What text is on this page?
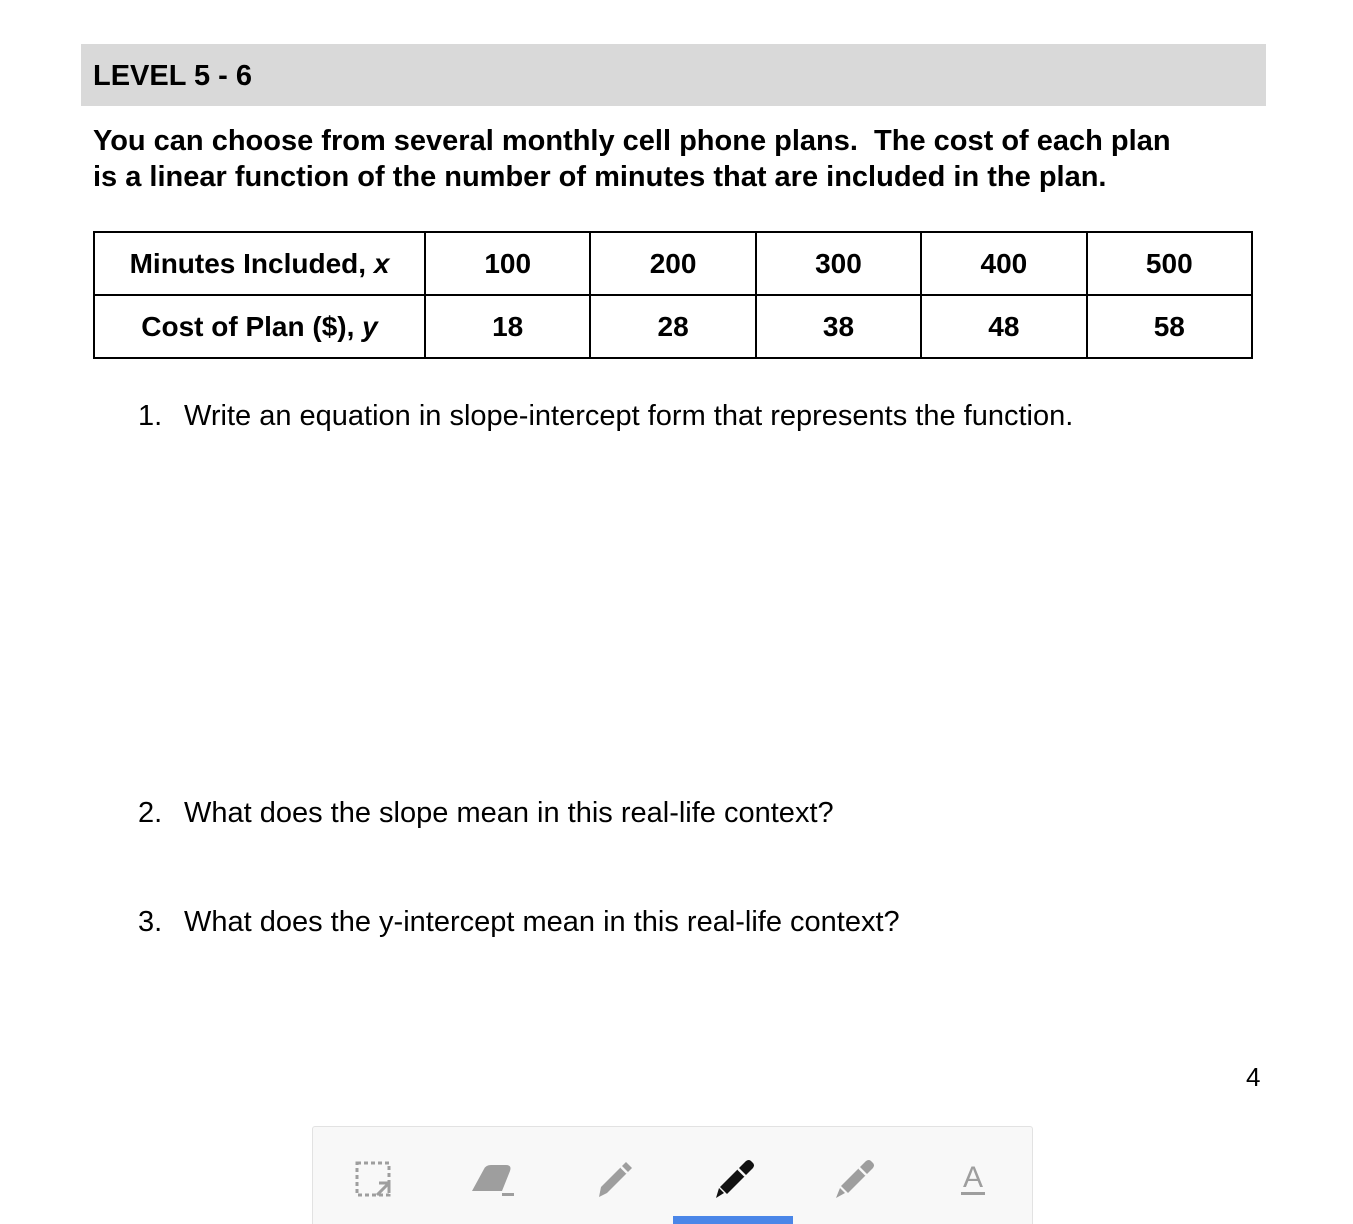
LEVEL 5 - 6
You can choose from several monthly cell phone plans.  The cost of each plan
is a linear function of the number of minutes that are included in the plan.
Minutes Included, x	100	200	300	400	500
Cost of Plan ($), y	18	28	38	48	58
1. Write an equation in slope-intercept form that represents the function.
2. What does the slope mean in this real-life context?
3. What does the y-intercept mean in this real-life context?
4
A
